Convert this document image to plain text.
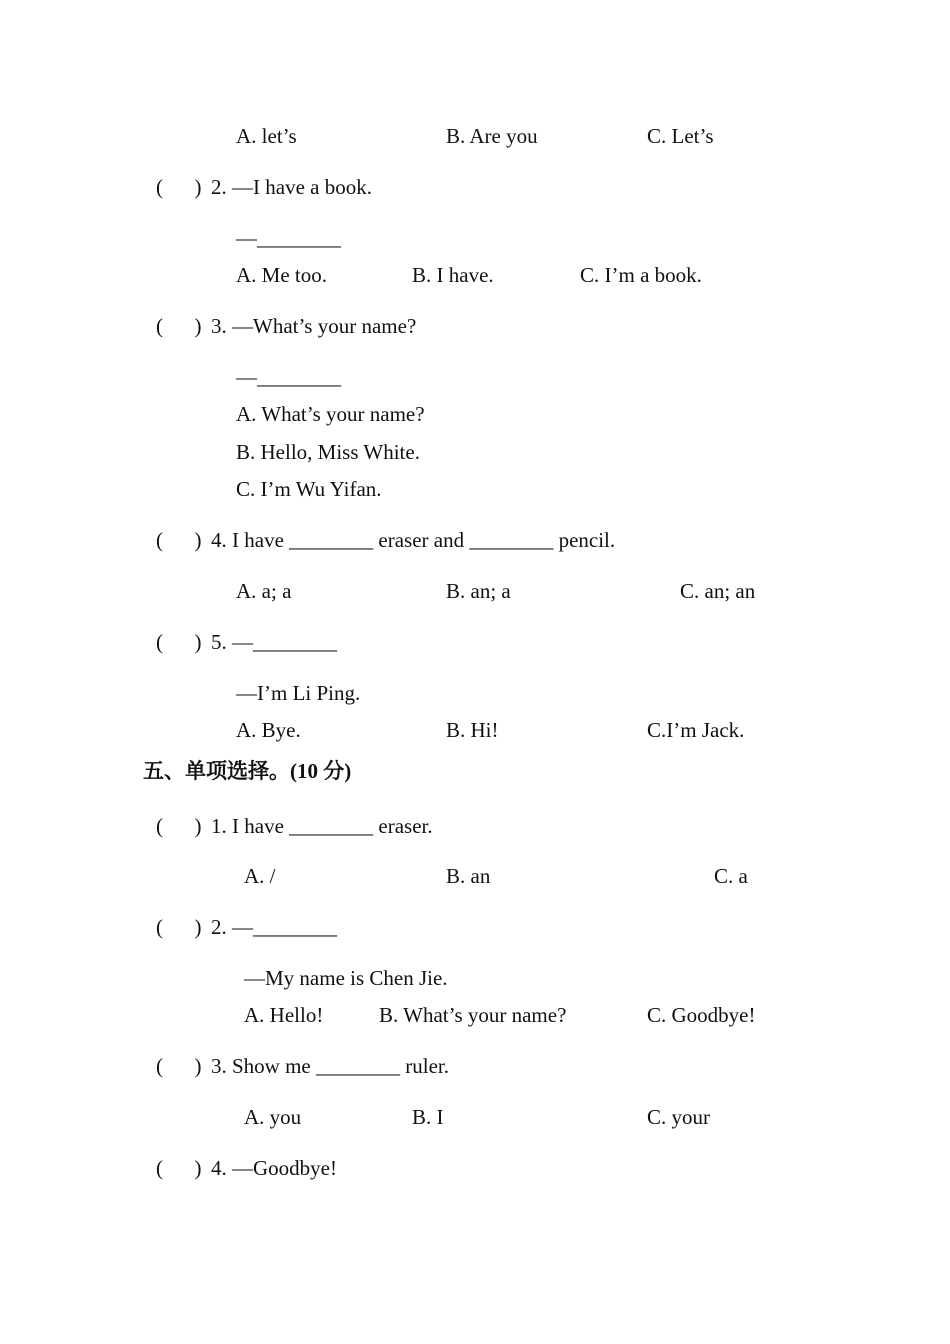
A. let’s	B. Are you	C. Let’s
(      ) 2. —I have a book.
—________
A. Me too.	B. I have.	C. I’m a book.
(      ) 3. —What’s your name?
—________
A. What’s your name?
B. Hello, Miss White.
C. I’m Wu Yifan.
(      ) 4. I have ________ eraser and ________ pencil.
A. a; a	B. an; a	C. an; an
(      ) 5. —________
—I’m Li Ping.
A. Bye.	B. Hi!	C.I’m Jack.
五、单项选择。(10 分)
(      ) 1. I have ________ eraser.
A. /	B. an	C. a
(      ) 2. —________
—My name is Chen Jie.
A. Hello!	B. What’s your name?	C. Goodbye!
(      ) 3. Show me ________ ruler.
A. you	B. I	C. your
(      ) 4. —Goodbye!
